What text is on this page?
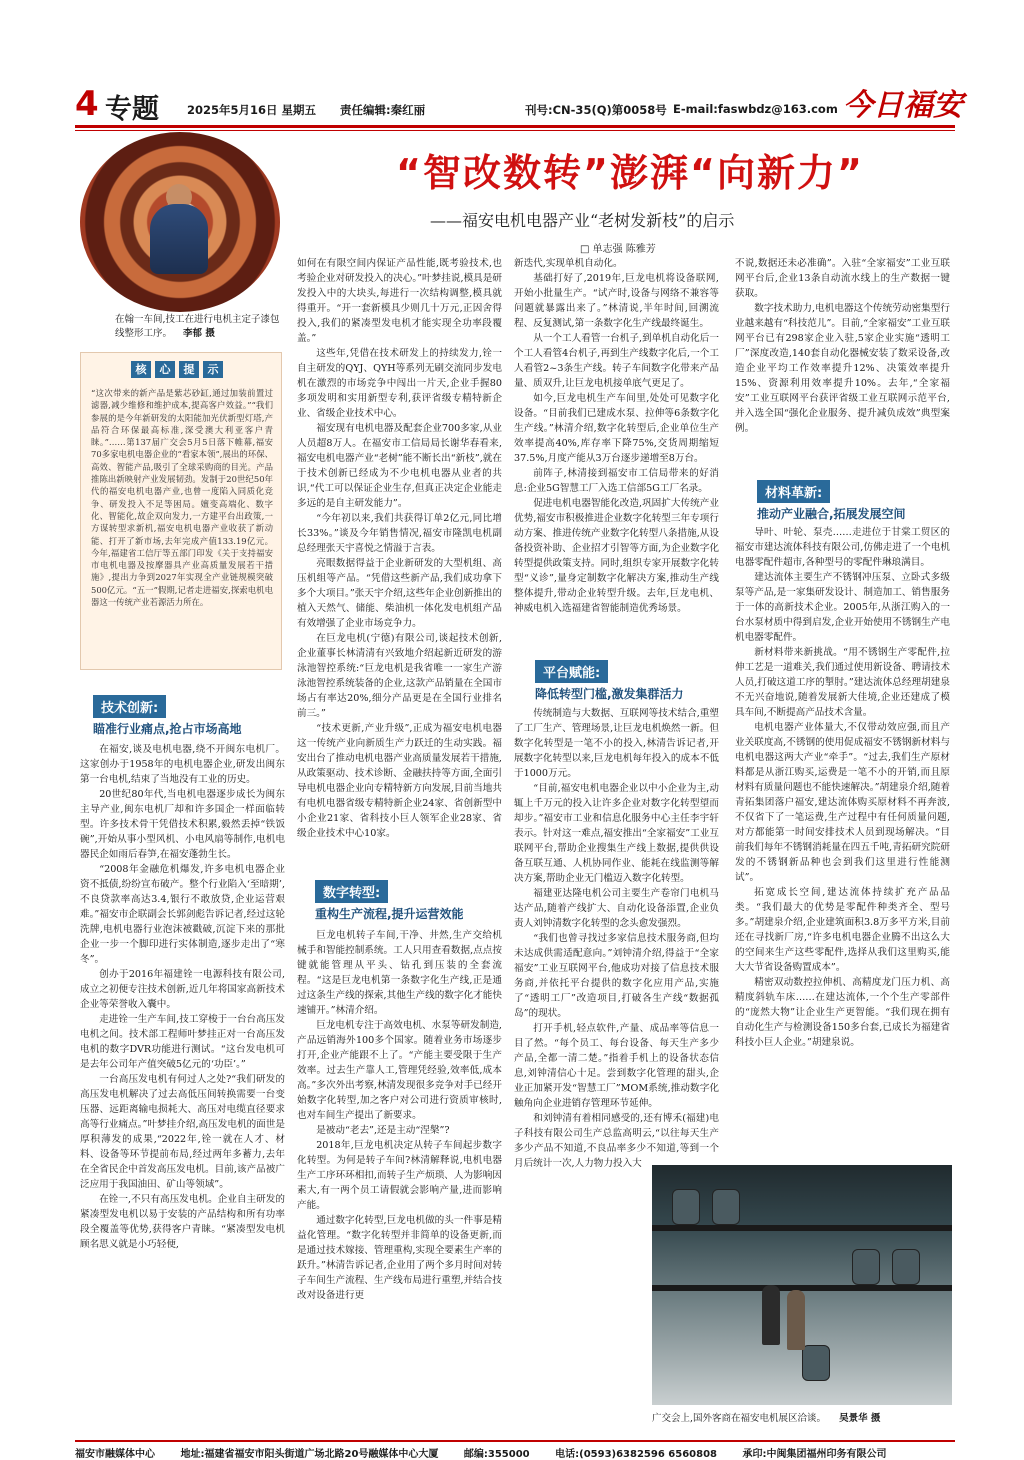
4 专题 2025年5月16日 星期五 责任编辑:秦红丽	刊号:CN-35(Q)第0058号 E-mail:faswbdz@163.com 今日福安
“智改数转”澎湃“向新力”
——福安电机电器产业“老树发新枝”的启示
□ 单志强 陈雅芳
在翰一车间,技工在进行电机主定子漆包线整形工序。 李郁 摄
核 心 提 示
“这次带来的新产品是紫芯砂缸,通过加装前置过滤器,减少维修和维护成本,提高客户效益。”“我们参展的是今年新研发的太阳能加光伏新型灯塔,产品符合环保最高标准,深受澳大利亚客户青睐。”……第137届广交会5月5日落下帷幕,福安70多家电机电器企业的“看家本领”,展出的环保、高效、智能产品,吸引了全球采购商的目光。产品推陈出新映射产业发展韧劲。发制于20世纪50年代的福安电机电器产业,也曾一度陷入同质化竞争、研发投入不足等困局。嬗变高端化、数字化、智能化,故企双向发力,一方建平台出政策,一方谋转型求新机,福安电机电器产业收获了新动能、打开了新市场,去年完成产值133.19亿元。今年,福建省工信厅等五部门印发《关于支持福安市电机电器及按摩器具产业高质量发展若干措施》,提出力争到2027年实现全产业链规模突破500亿元。“五一”假期,记者走进福安,探索电机电器这一传统产业若源活力所在。
技术创新:
瞄准行业痛点,抢占市场高地

在福安,谈及电机电器,绕不开闽东电机厂。这家创办于1958年的电机电器企业,研发出闽东第一台电机,结束了当地没有工业的历史。

20世纪80年代,当电机电器逐步成长为闽东主导产业,闽东电机厂却和许多国企一样面临转型。许多技术骨干凭借技术积累,毅然丢掉“铁饭碗”,开始从事小型风机、小电风扇等制作,电机电器民企如雨后春笋,在福安蓬勃生长。

“2008年金融危机爆发,许多电机电器企业资不抵债,纷纷宣布破产。整个行业陷入‘至暗期’,不良贷款率高达3.4,银行不敢放贷,企业运营艰难。”福安市企联副会长郭剑彪告诉记者,经过这轮洗牌,电机电器行业泡沫被戳破,沉淀下来的那批企业一步一个脚印进行实体制造,逐步走出了“寒冬”。

创办于2016年福建铨一电源科技有限公司,成立之初便专注技术创新,近几年将国家高新技术企业等荣誉收入囊中。

走进铨一生产车间,技工穿梭于一台台高压发电机之间。技术部工程师叶梦挂正对一台高压发电机的数字DVR功能进行测试。“这台发电机可是去年公司年产值突破5亿元的‘功臣’。”

一台高压发电机有何过人之处?“我们研发的高压发电机解决了过去高低压间转换需要一台变压器、远距离输电损耗大、高压对电缆直径要求高等行业痛点。”叶梦挂介绍,高压发电机的面世是厚积薄发的成果,“2022年,铨一就在人才、材料、设备等环节提前布局,经过两年多蓄力,去年在全省民企中首发高压发电机。目前,该产品被广泛应用于我国油田、矿山等领域”。

在铨一,不只有高压发电机。企业自主研发的紧凑型发电机以易于安装的产品结构和所有功率段全覆盖等优势,获得客户青睐。“紧凑型发电机顾名思义就是小巧轻便,

如何在有限空间内保证产品性能,既考验技术,也考验企业对研发投入的决心。”叶梦挂说,模具是研发投入中的大块头,每进行一次结构调整,模具就得重开。“开一套新模具少则几十万元,正因舍得投入,我们的紧凑型发电机才能实现全功率段覆盖。”

这些年,凭借在技术研发上的持续发力,铨一自主研发的QYJ、QYH等系列无刷交流同步发电机在激烈的市场竞争中闯出一片天,企业手握80多项发明和实用新型专利,获评省级专精特新企业、省级企业技术中心。

福安现有电机电器及配套企业700多家,从业人员超8万人。在福安市工信局局长谢华春看来,福安电机电器产业“老树”能不断长出“新枝”,就在于技术创新已经成为不少电机电器从业者的共识,“代工可以保证企业生存,但真正决定企业能走多远的是自主研发能力”。

“今年初以来,我们共获得订单2亿元,同比增长33%。”谈及今年销售情况,福安市隆凯电机副总经理张天宇喜悦之情溢于言表。

亮眼数据得益于企业新研发的大型机组、高压机组等产品。“凭借这些新产品,我们成功拿下多个大项目。”张天宇介绍,这些年企业创新推出的植入天然气、储能、柴油机一体化发电机组产品有效增强了企业市场竞争力。

在巨龙电机(宁德)有限公司,谈起技术创新,企业董事长林清清有兴致地介绍起新近研发的游泳池智控系统:“巨龙电机是我省唯一一家生产游泳池智控系统装备的企业,这款产品销量在全国市场占有率达20%,细分产品更是在全国行业排名前三。”

“技术更新,产业升级”,正成为福安电机电器这一传统产业向新质生产力跃迁的生动实践。福安出台了推动电机电器产业高质量发展若干措施,从政策驱动、技术诊断、金融扶持等方面,全面引导电机电器企业向专精特新方向发展,目前当地共有电机电器省级专精特新企业24家、省创新型中小企业21家、省科技小巨人领军企业28家、省级企业技术中心10家。

数字转型:
重构生产流程,提升运营效能

巨龙电机转子车间,干净、井然,生产交给机械手和智能控制系统。工人只用查看数据,点点按键就能管理从平头、钻孔到压装的全套流程。“这是巨龙电机第一条数字化生产线,正是通过这条生产线的探索,其他生产线的数字化才能快速铺开。”林清介绍。

巨龙电机专注于高效电机、水泵等研发制造,产品远销海外100多个国家。随着业务市场逐步打开,企业产能跟不上了。“产能主要受限于生产效率。过去生产靠人工,管理凭经验,效率低,成本高。”多次外出考察,林清发现很多竞争对手已经开始数字化转型,加之客户对公司进行资质审核时,也对车间生产提出了新要求。

是被动“老去”,还是主动“涅槃”?

2018年,巨龙电机决定从转子车间起步数字化转型。为何是转子车间?林清解释说,电机电器生产工序环环相扣,而转子生产烦琐、人为影响因素大,有一两个员工请假就会影响产量,进而影响产能。

通过数字化转型,巨龙电机做的头一件事是精益化管理。“数字化转型并非简单的设备更新,而是通过技术嫁接、管理重构,实现全要素生产率的跃升。”林清告诉记者,企业用了两个多月时间对转子车间生产流程、生产线布局进行重塑,并结合技改对设备进行更

新迭代,实现单机自动化。

基础打好了,2019年,巨龙电机将设备联网,开始小批量生产。“试产时,设备与网络不兼容等问题就暴露出来了。”林清说,半年时间,回溯流程、反复测试,第一条数字化生产线最终诞生。

从一个工人看管一台机子,到单机自动化后一个工人看管4台机子,再到生产线数字化后,一个工人看管2~3条生产线。转子车间数字化带来产品量、质双升,让巨龙电机接单底气更足了。

如今,巨龙电机生产车间里,处处可见数字化设备。“目前我们已建成水泵、拉伸等6条数字化生产线。”林清介绍,数字化转型后,企业单位生产效率提高40%,库存率下降75%,交货周期缩短37.5%,月度产能从3万台逐步递增至8万台。

前阵子,林清接到福安市工信局带来的好消息:企业5G智慧工厂入选工信部5G工厂名录。

促进电机电器智能化改造,巩固扩大传统产业优势,福安市积极推进企业数字化转型三年专项行动方案、推进传统产业数字化转型八条措施,从设备投资补助、企业招才引智等方面,为企业数字化转型提供政策支持。同时,组织专家开展数字化转型“义诊”,量身定制数字化解决方案,推动生产线整体提升,带动企业转型升级。去年,巨龙电机、神威电机入选福建省智能制造优秀场景。

平台赋能:
降低转型门槛,激发集群活力

传统制造与大数据、互联网等技术结合,重塑了工厂生产、管理场景,让巨龙电机焕然一新。但数字化转型是一笔不小的投入,林清告诉记者,开展数字化转型以来,巨龙电机每年投入的成本不低于1000万元。

“目前,福安电机电器企业以中小企业为主,动辄上千万元的投入让许多企业对数字化转型望而却步。”福安市工业和信息化服务中心主任李宇轩表示。针对这一难点,福安推出“全家福安”工业互联网平台,帮助企业搜集生产线上数据,提供供设备互联互通、人机协同作业、能耗在线监测等解决方案,帮助企业无门槛迈入数字化转型。

福建亚达隆电机公司主要生产卷帘门电机马达产品,随着产线扩大、自动化设备添置,企业负责人刘钟清数字化转型的念头愈发强烈。

“我们也曾寻找过多家信息技术服务商,但均未达成供需适配意向。”刘钟清介绍,得益于“全家福安”工业互联网平台,他成功对接了信息技术服务商,并依托平台提供的数字化应用产品,实施了“透明工厂”改造项目,打破各生产线“数据孤岛”的现状。

打开手机,轻点软件,产量、成品率等信息一目了然。“每个员工、每台设备、每天生产多少产品,全都一清二楚。”指着手机上的设备状态信息,刘钟清信心十足。尝到数字化管理的甜头,企业正加紧开发“智慧工厂”MOM系统,推动数字化触角向企业进销存管理环节延伸。

和刘钟清有着相同感受的,还有博禾(福建)电子科技有限公司生产总监高明云,“以往每天生产多少产品不知道,不良品率多少不知道,等到一个月后统计一次,人力物力投入大

不说,数据还未必准确”。入驻“全家福安”工业互联网平台后,企业13条自动流水线上的生产数据一键获取。

数字技术助力,电机电器这个传统劳动密集型行业越来越有“科技范儿”。目前,“全家福安”工业互联网平台已有298家企业入驻,5家企业实施“透明工厂”深度改造,140套自动化器械安装了数采设备,改造企业平均工作效率提升12%、决策效率提升15%、资源利用效率提升10%。去年,“全家福安”工业互联网平台获评省级工业互联网示范平台,并入选全国“强化企业服务、提升减负成效”典型案例。

材料革新:
推动产业融合,拓展发展空间

导叶、叶轮、泵壳……走进位于甘棠工贸区的福安市建达流体科技有限公司,仿佛走进了一个电机电器零配件超市,各种型号的零配件琳琅满目。

建达流体主要生产不锈钢冲压泵、立卧式多级泵等产品,是一家集研发设计、制造加工、销售服务于一体的高新技术企业。2005年,从浙江购入的一台水泵材质中得到启发,企业开始使用不锈钢生产电机电器零配件。

新材料带来新挑战。“用不锈钢生产零配件,拉伸工艺是一道难关,我们通过使用新设备、聘请技术人员,打破这道工序的掣肘。”建达流体总经理胡建泉不无兴奋地说,随着发展新大佳境,企业还建成了模具车间,不断提高产品技术含量。

电机电器产业体量大,不仅带动效应强,而且产业关联度高,不锈钢的使用促成福安不锈钢新材料与电机电器这两大产业“牵手”。“过去,我们生产原材料都是从浙江购买,运费是一笔不小的开销,而且原材料有质量问题也不能快速解决。”胡建泉介绍,随着青拓集团落户福安,建达流体购买原材料不再奔波,不仅省下了一笔运费,生产过程中有任何质量问题,对方都能第一时间安排技术人员到现场解决。“目前我们每年不锈钢消耗量在四五千吨,青拓研究院研发的不锈钢新品种也会到我们这里进行性能测试”。

拓宽成长空间,建达流体持续扩充产品品类。“我们最大的优势是零配件种类齐全、型号多。”胡建泉介绍,企业建筑面积3.8万多平方米,目前还在寻找新厂房,“许多电机电器企业腾不出这么大的空间来生产这些零配件,选择从我们这里购买,能大大节省设备购置成本”。

精密双动数控拉伸机、高精度龙门压力机、高精度斜轨车床……在建达流体,一个个生产零部件的“庞然大物”让企业生产更智能。“我们现在拥有自动化生产与检测设备150多台套,已成长为福建省科技小巨人企业。”胡建泉说。

广交会上,国外客商在福安电机展区洽谈。 吴景华 摄
福安市融媒体中心	地址:福建省福安市阳头街道广场北路20号融媒体中心大厦	邮编:355000	电话:(0593)6382596 6560808	承印:中闽集团福州印务有限公司
